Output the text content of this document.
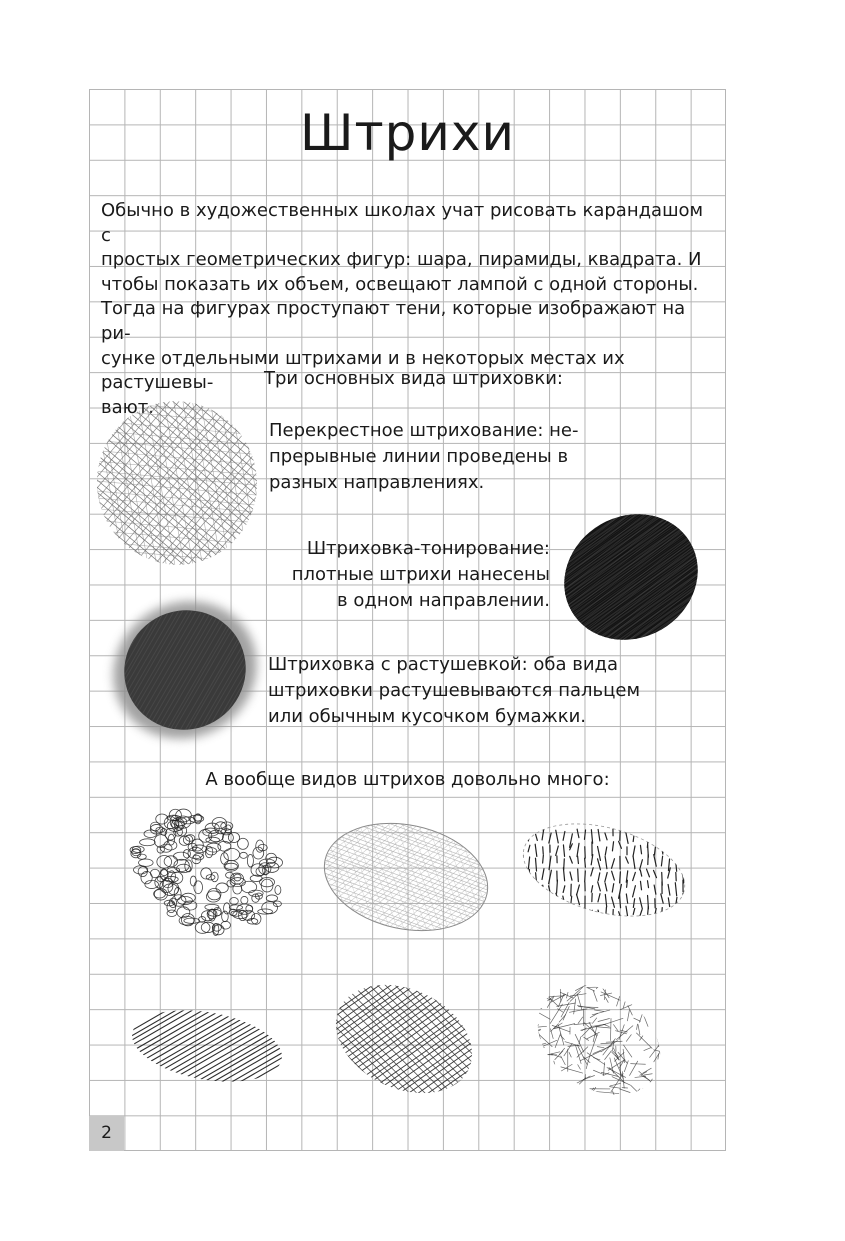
Штрихи
Обычно в художественных школах учат рисовать карандашом с
простых геометрических фигур: шара, пирамиды, квадрата. И
чтобы показать их объем, освещают лампой с одной стороны.
Тогда на фигурах проступают тени, которые изображают на ри-
сунке отдельными штрихами и в некоторых местах их растушевы-
вают.
Три основных вида штриховки:
Перекрестное штрихование: не-
прерывные линии проведены в
разных направлениях.
Штриховка-тонирование:
плотные штрихи нанесены
в одном направлении.
Штриховка с растушевкой: оба вида
штриховки растушевываются пальцем
или обычным кусочком бумажки.
А вообще видов штрихов довольно много:
2
